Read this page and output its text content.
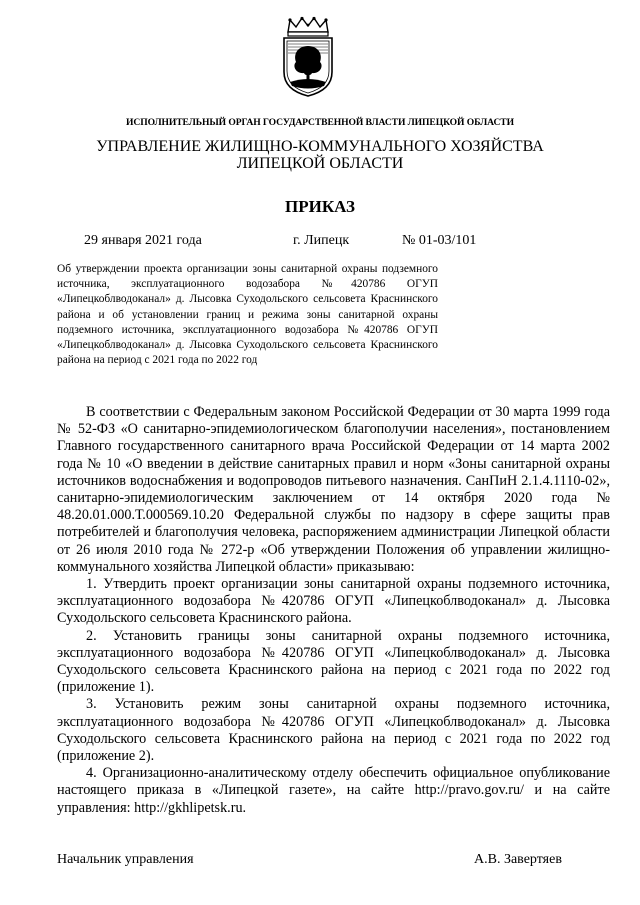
ИСПОЛНИТЕЛЬНЫЙ ОРГАН ГОСУДАРСТВЕННОЙ ВЛАСТИ ЛИПЕЦКОЙ ОБЛАСТИ
УПРАВЛЕНИЕ ЖИЛИЩНО-КОММУНАЛЬНОГО ХОЗЯЙСТВА
ЛИПЕЦКОЙ ОБЛАСТИ
ПРИКАЗ
29 января 2021 года	г. Липецк	№ 01-03/101
Об утверждении проекта организации зоны санитарной охраны подземного источника, эксплуатационного водозабора №420786 ОГУП «Липецкоблводоканал» д. Лысовка Суходольского сельсовета Краснинского района и об установлении границ и режима зоны санитарной охраны подземного источника, эксплуатационного водозабора №420786 ОГУП «Липецкоблводоканал» д. Лысовка Суходольского сельсовета Краснинского района на период с 2021 года по 2022 год

В соответствии с Федеральным законом Российской Федерации от 30 марта 1999 года № 52-ФЗ «О санитарно-эпидемиологическом благополучии населения», постановлением Главного государственного санитарного врача Российской Федерации от 14 марта 2002 года № 10 «О введении в действие санитарных правил и норм «Зоны санитарной охраны источников водоснабжения и водопроводов питьевого назначения. СанПиН 2.1.4.1110-02», санитарно-эпидемиологическим заключением от 14 октября 2020 года № 48.20.01.000.Т.000569.10.20 Федеральной службы по надзору в сфере защиты прав потребителей и благополучия человека, распоряжением администрации Липецкой области от 26 июля 2010 года № 272-р «Об утверждении Положения об управлении жилищно-коммунального хозяйства Липецкой области» приказываю:

1. Утвердить проект организации зоны санитарной охраны подземного источника, эксплуатационного водозабора №420786 ОГУП «Липецкоблводоканал» д. Лысовка Суходольского сельсовета Краснинского района.

2. Установить границы зоны санитарной охраны подземного источника, эксплуатационного водозабора №420786 ОГУП «Липецкоблводоканал» д. Лысовка Суходольского сельсовета Краснинского района на период с 2021 года по 2022 год (приложение 1).

3. Установить режим зоны санитарной охраны подземного источника, эксплуатационного водозабора №420786 ОГУП «Липецкоблводоканал» д. Лысовка Суходольского сельсовета Краснинского района на период с 2021 года по 2022 год (приложение 2).

4. Организационно-аналитическому отделу обеспечить официальное опубликование настоящего приказа в «Липецкой газете», на сайте http://pravo.gov.ru/ и на сайте управления: http://gkhlipetsk.ru.

Начальник управления	А.В. Завертяев
